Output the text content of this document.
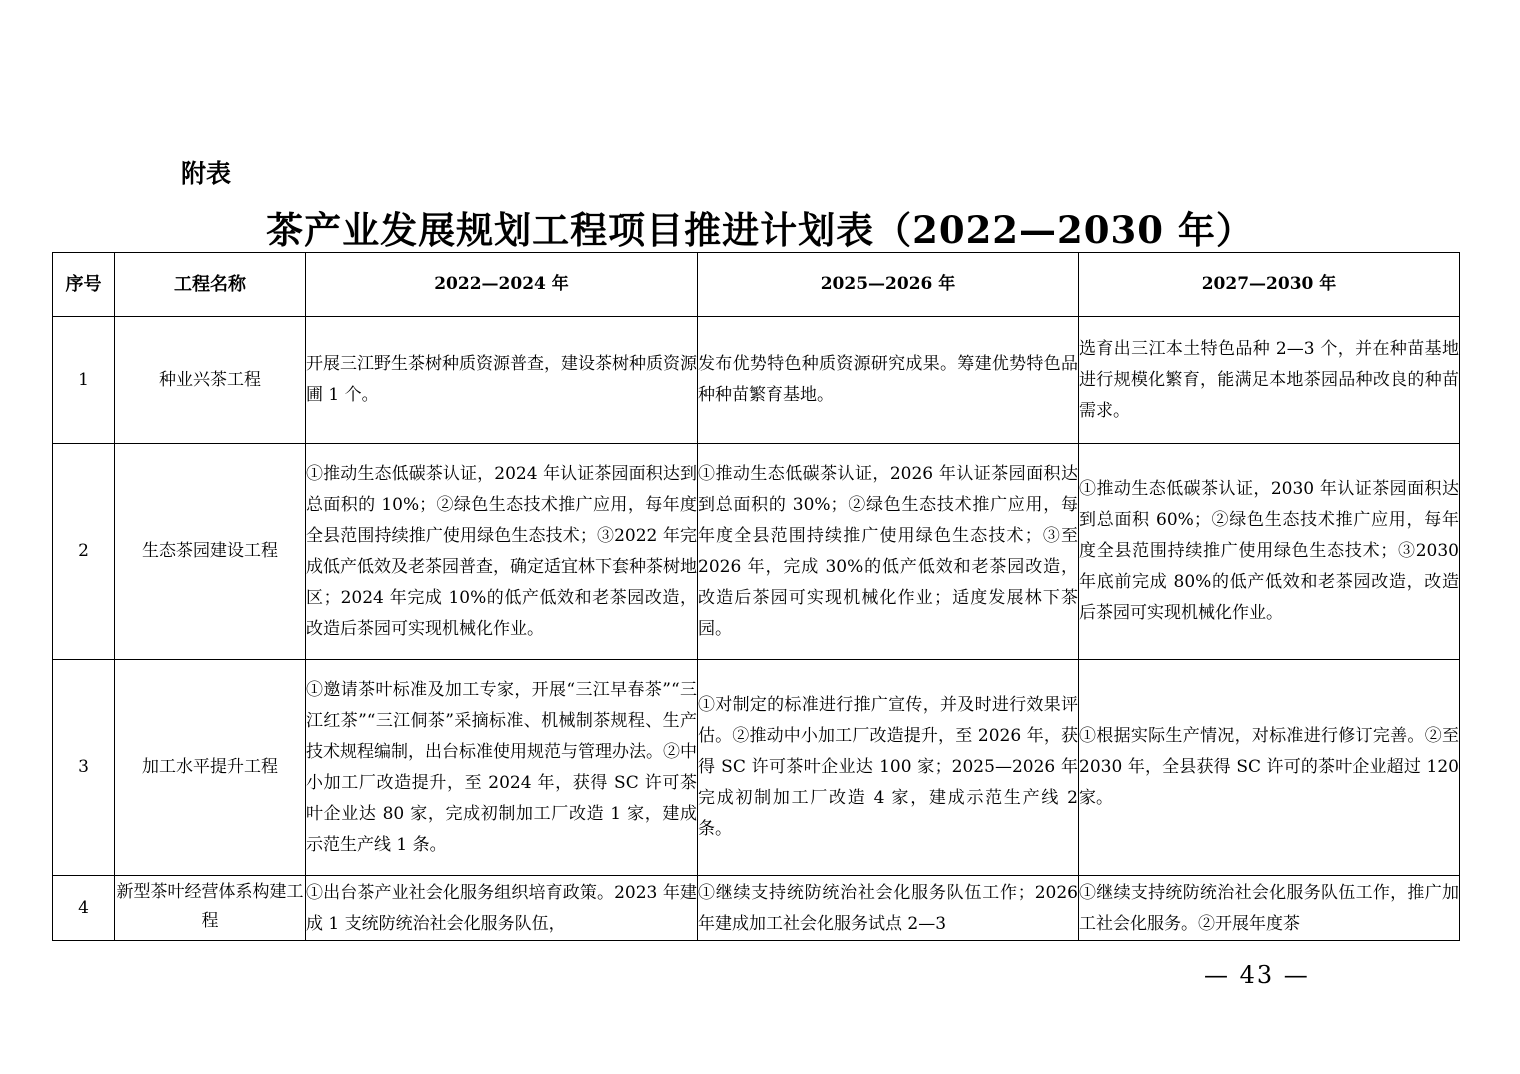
附表
茶产业发展规划工程项目推进计划表（2022—2030 年）
序号	工程名称	2022—2024 年	2025—2026 年	2027—2030 年
1	种业兴茶工程	开展三江野生茶树种质资源普查，建设茶树种质资源圃 1 个。	发布优势特色种质资源研究成果。筹建优势特色品种种苗繁育基地。	选育出三江本土特色品种 2—3 个，并在种苗基地进行规模化繁育，能满足本地茶园品种改良的种苗需求。
2	生态茶园建设工程	①推动生态低碳茶认证，2024 年认证茶园面积达到总面积的 10%；②绿色生态技术推广应用，每年度全县范围持续推广使用绿色生态技术；③2022 年完成低产低效及老茶园普查，确定适宜林下套种茶树地区；2024 年完成 10%的低产低效和老茶园改造，改造后茶园可实现机械化作业。	①推动生态低碳茶认证，2026 年认证茶园面积达到总面积的 30%；②绿色生态技术推广应用，每年度全县范围持续推广使用绿色生态技术；③至 2026 年，完成 30%的低产低效和老茶园改造，改造后茶园可实现机械化作业；适度发展林下茶园。	①推动生态低碳茶认证，2030 年认证茶园面积达到总面积 60%；②绿色生态技术推广应用，每年度全县范围持续推广使用绿色生态技术；③2030 年底前完成 80%的低产低效和老茶园改造，改造后茶园可实现机械化作业。
3	加工水平提升工程	①邀请茶叶标准及加工专家，开展“三江早春茶”“三江红茶”“三江侗茶”采摘标准、机械制茶规程、生产技术规程编制，出台标准使用规范与管理办法。②中小加工厂改造提升，至 2024 年，获得 SC 许可茶叶企业达 80 家，完成初制加工厂改造 1 家，建成示范生产线 1 条。	①对制定的标准进行推广宣传，并及时进行效果评估。②推动中小加工厂改造提升，至 2026 年，获得 SC 许可茶叶企业达 100 家；2025—2026 年完成初制加工厂改造 4 家，建成示范生产线 2 条。	①根据实际生产情况，对标准进行修订完善。②至 2030 年，全县获得 SC 许可的茶叶企业超过 120 家。
4	新型茶叶经营体系构建工程	①出台茶产业社会化服务组织培育政策。2023 年建成 1 支统防统治社会化服务队伍，	①继续支持统防统治社会化服务队伍工作；2026 年建成加工社会化服务试点 2—3	①继续支持统防统治社会化服务队伍工作，推广加工社会化服务。②开展年度茶
— 43 —
